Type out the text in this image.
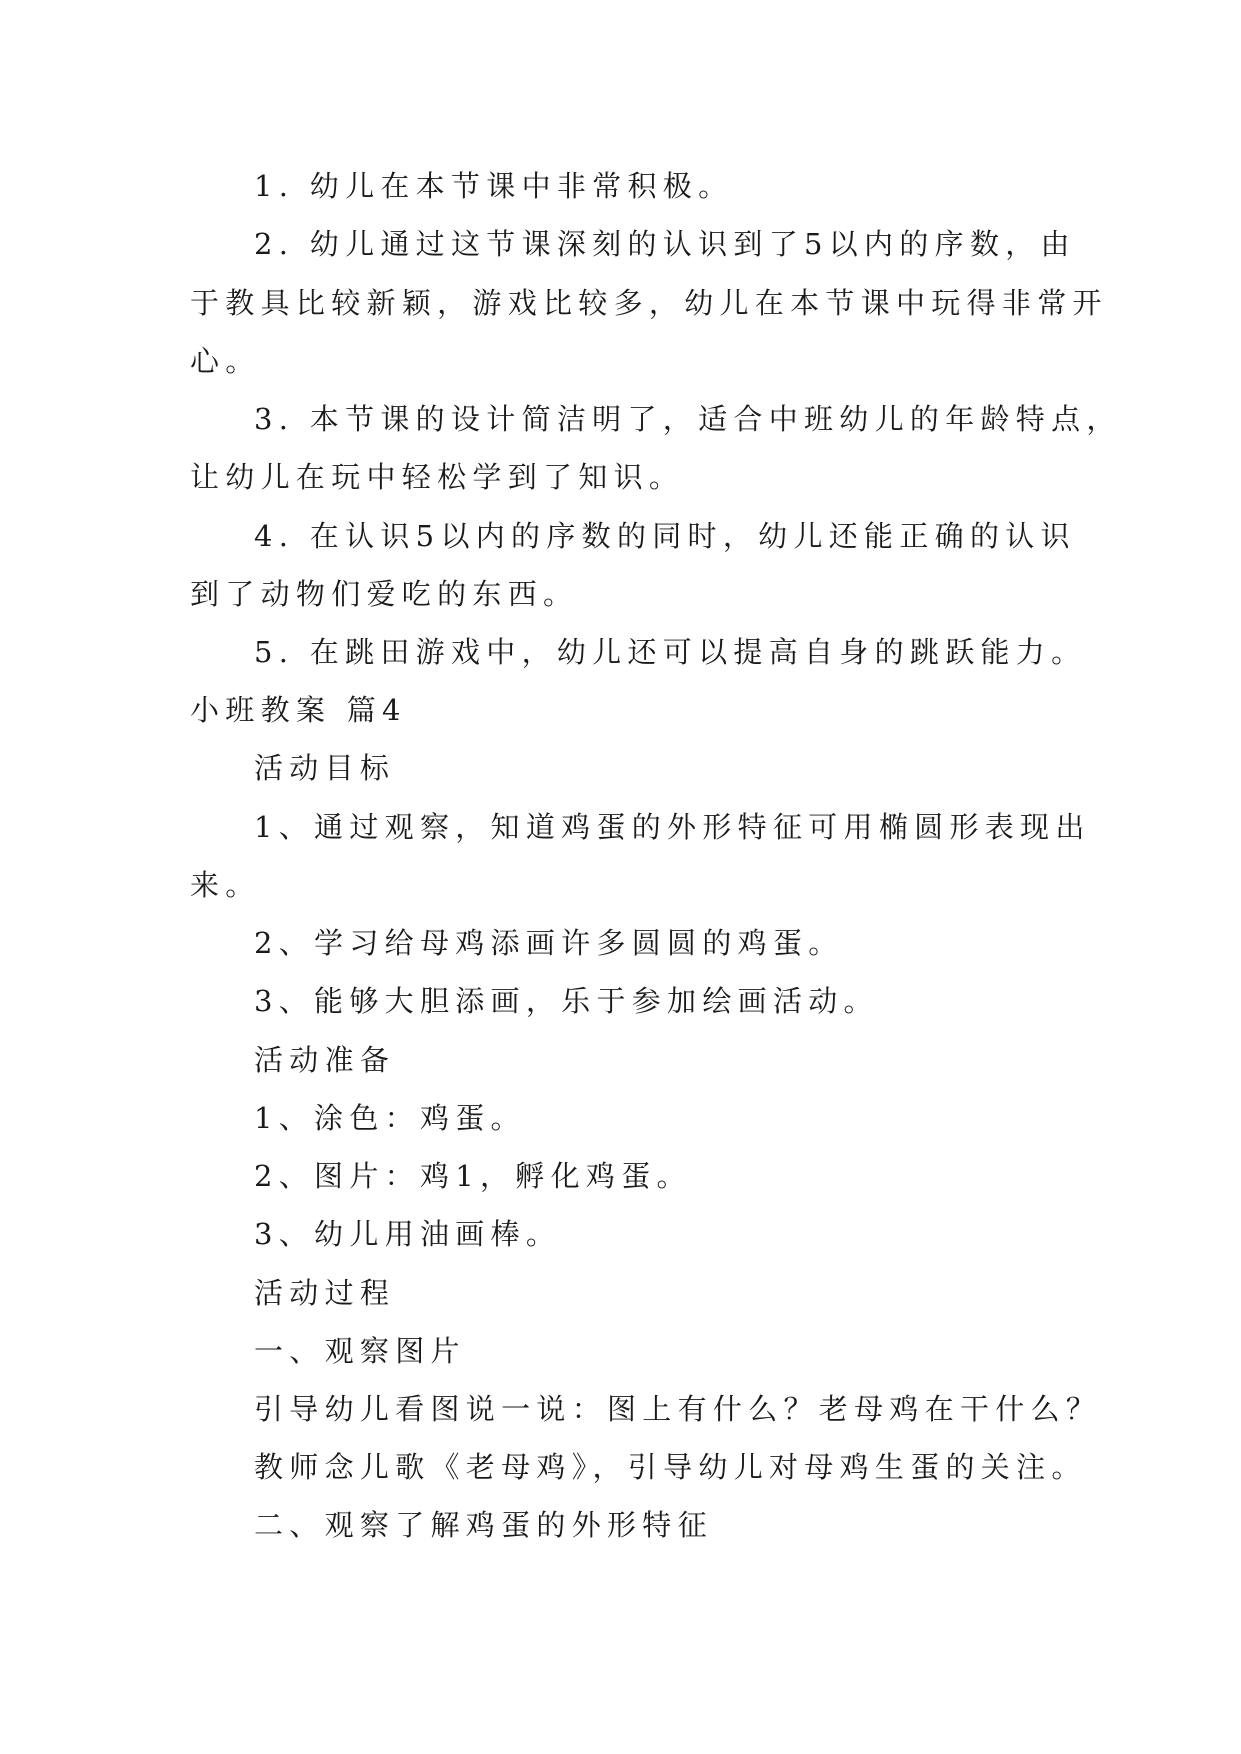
1. 幼儿在本节课中非常积极。
2. 幼儿通过这节课深刻的认识到了5以内的序数，由
于教具比较新颖，游戏比较多，幼儿在本节课中玩得非常开
心。
3. 本节课的设计简洁明了，适合中班幼儿的年龄特点，
让幼儿在玩中轻松学到了知识。
4. 在认识5以内的序数的同时，幼儿还能正确的认识
到了动物们爱吃的东西。
5. 在跳田游戏中，幼儿还可以提高自身的跳跃能力。
小班教案 篇4
活动目标
1、通过观察，知道鸡蛋的外形特征可用椭圆形表现出
来。
2、学习给母鸡添画许多圆圆的鸡蛋。
3、能够大胆添画，乐于参加绘画活动。
活动准备
1、涂色：鸡蛋。
2、图片：鸡1，孵化鸡蛋。
3、幼儿用油画棒。
活动过程
一、观察图片
引导幼儿看图说一说：图上有什么？老母鸡在干什么？
教师念儿歌《老母鸡》，引导幼儿对母鸡生蛋的关注。
二、观察了解鸡蛋的外形特征
